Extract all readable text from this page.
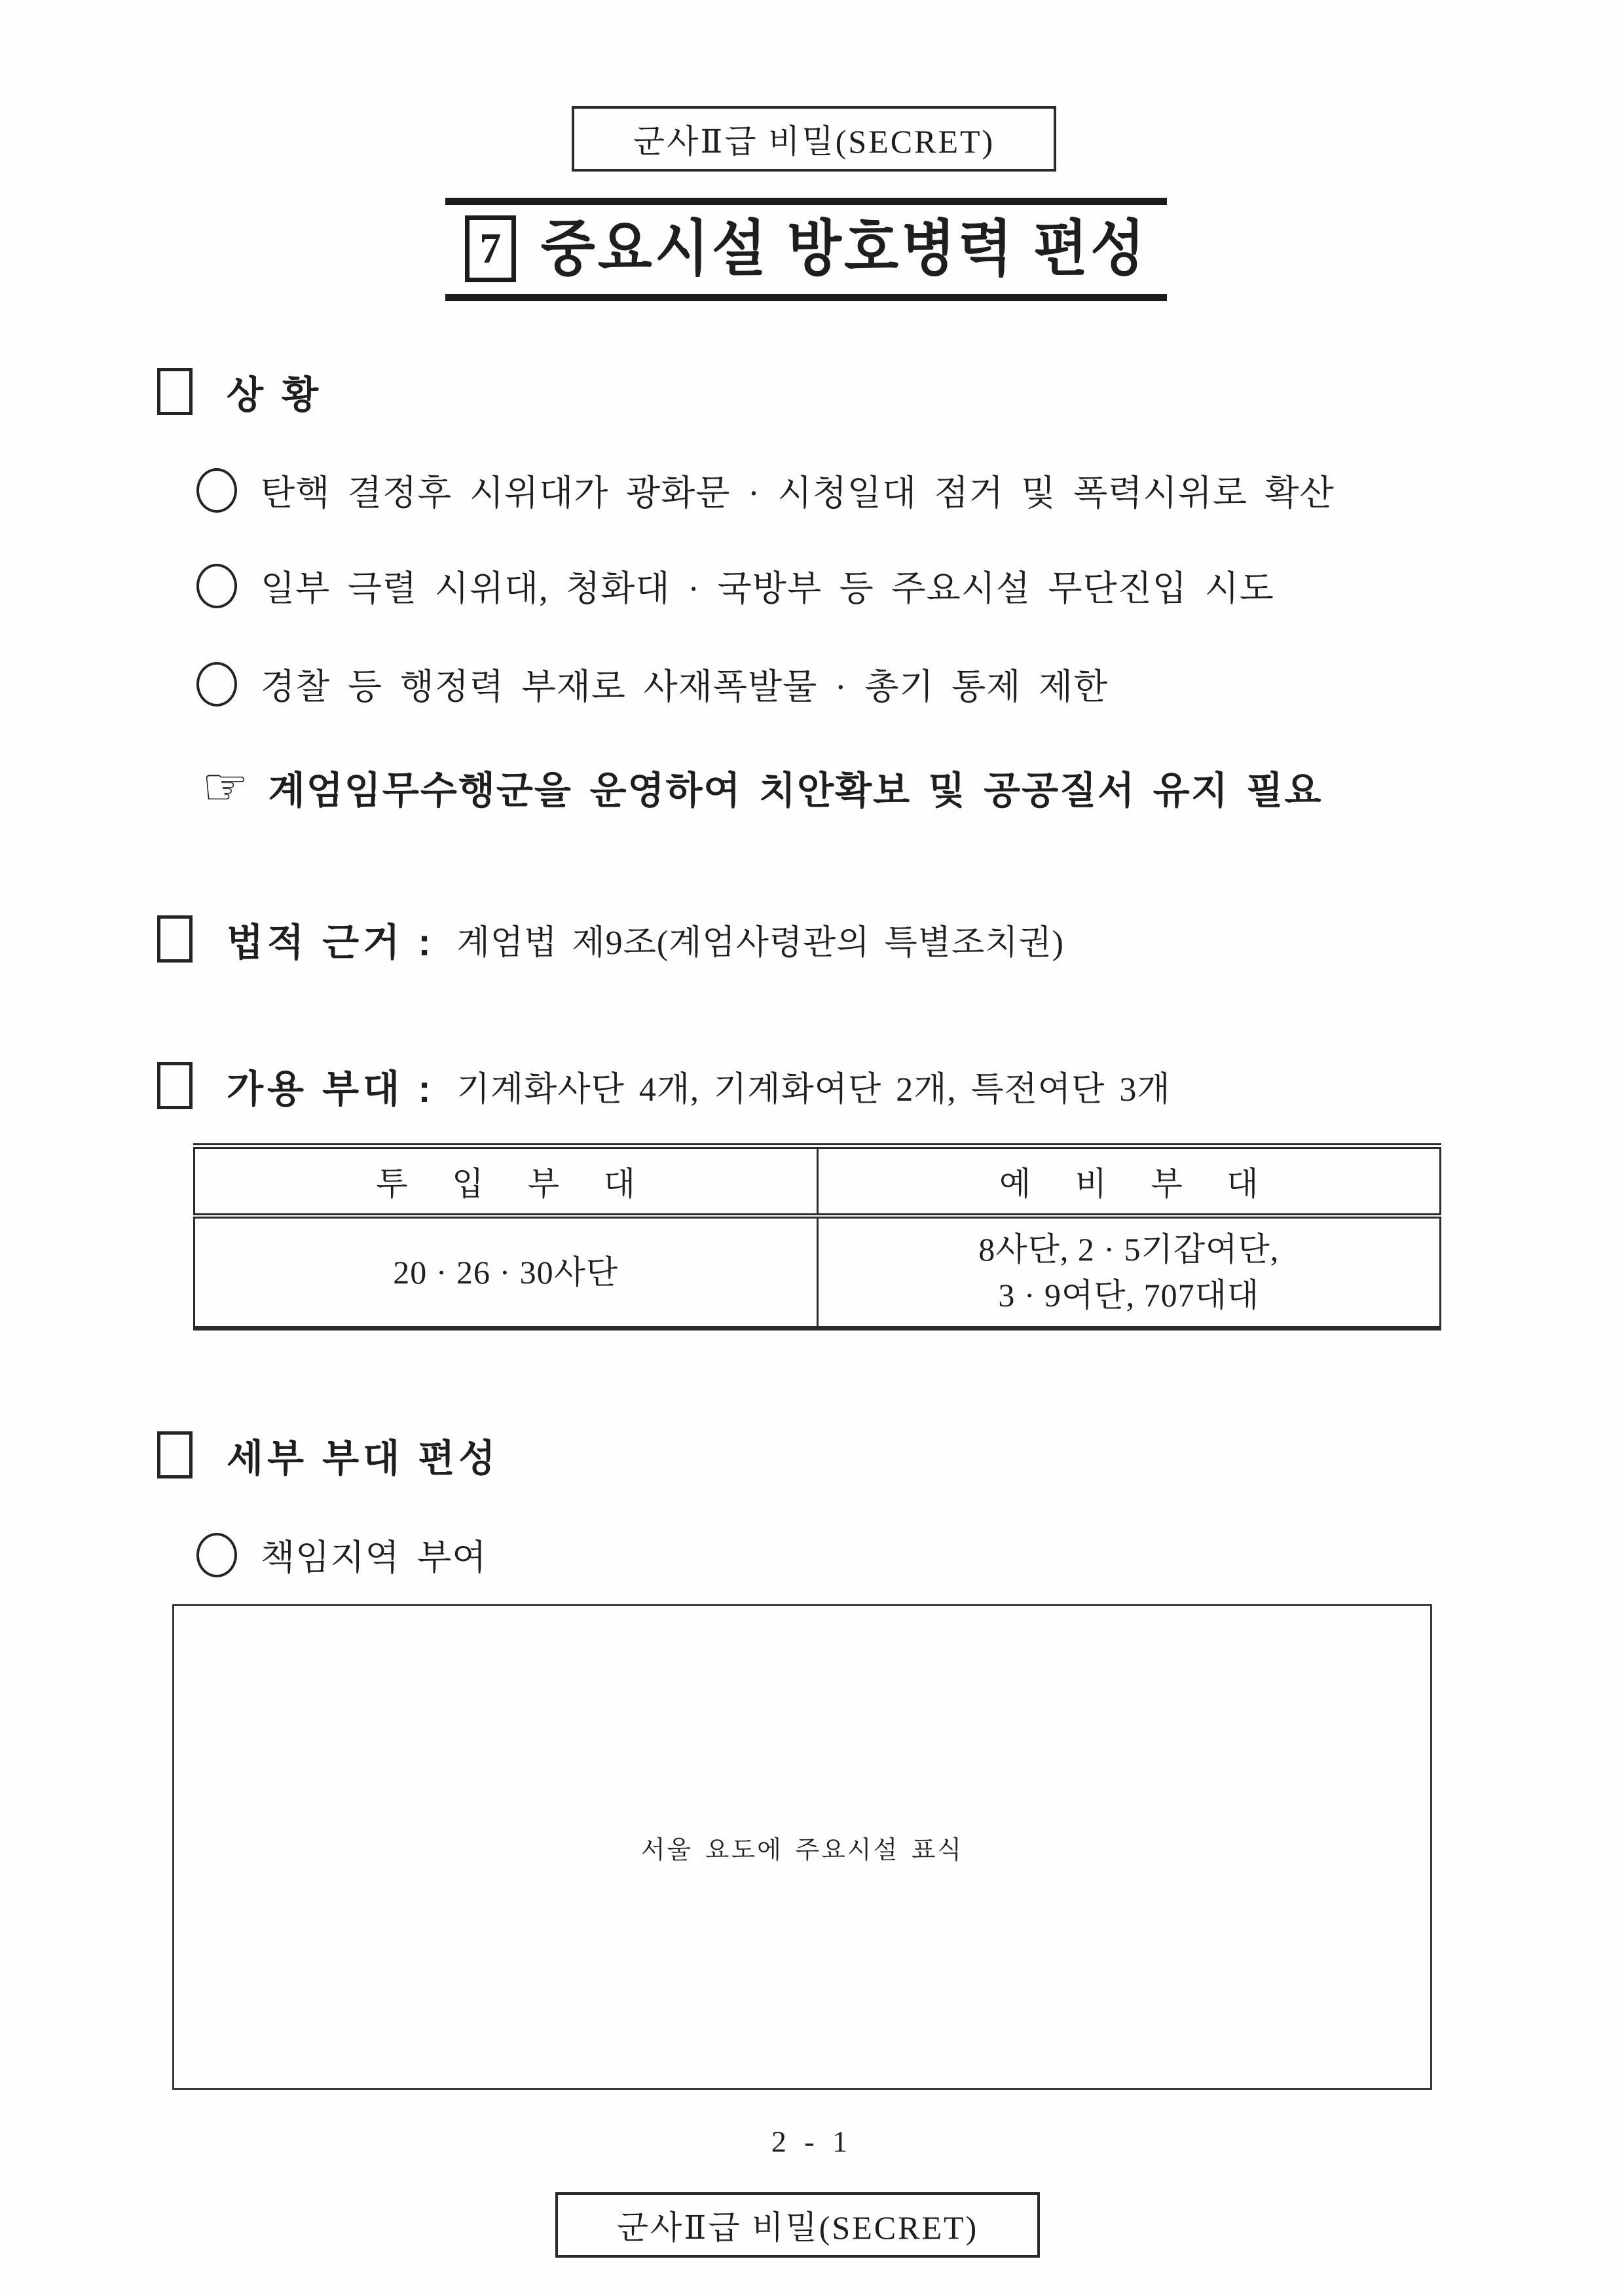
군사Ⅱ급 비밀(SECRET)
7 중요시설 방호병력 편성
상 황
탄핵 결정후 시위대가 광화문 · 시청일대 점거 및 폭력시위로 확산
일부 극렬 시위대, 청화대 · 국방부 등 주요시설 무단진입 시도
경찰 등 행정력 부재로 사재폭발물 · 총기 통제 제한
☞ 계엄임무수행군을 운영하여 치안확보 및 공공질서 유지 필요
법적 근거 : 계엄법 제9조(계엄사령관의 특별조치권)
가용 부대 : 기계화사단 4개, 기계화여단 2개, 특전여단 3개
투 입 부 대	예 비 부 대
20 · 26 · 30사단	8사단, 2 · 5기갑여단,
3 · 9여단, 707대대
세부 부대 편성
책임지역 부여
서울 요도에 주요시설 표식
2 - 1
군사Ⅱ급 비밀(SECRET)
